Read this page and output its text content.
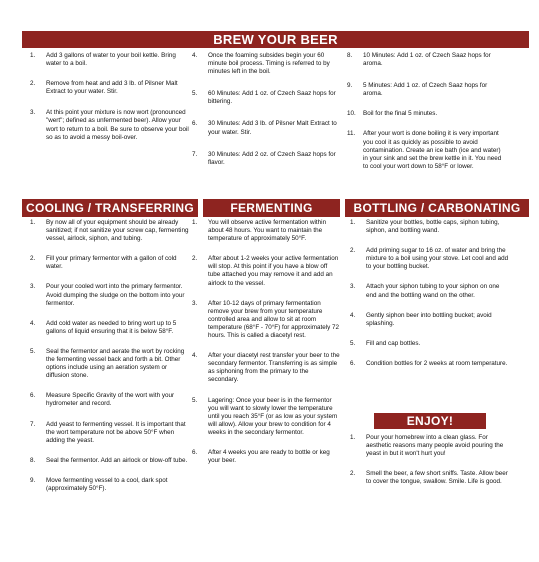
BREW YOUR BEER
COOLING / TRANSFERRING	FERMENTING	BOTTLING / CARBONATING
ENJOY!
1.	Add 3 gallons of water to your boil kettle. Bring water to a boil.
2.	Remove from heat and add 3 lb. of Pilsner Malt Extract to your water. Stir.
3.	At this point your mixture is now wort (pronounced "wert"; defined as unfermented beer). Allow your wort to return to a boil. Be sure to observe your boil so as to avoid a messy boil-over.
4.	Once the foaming subsides begin your 60 minute boil process. Timing is referred to by minutes left in the boil.
5.	60 Minutes: Add 1 oz. of Czech Saaz hops for bittering.
6.	30 Minutes: Add 3 lb. of Pilsner Malt Extract to your water. Stir.
7.	30 Minutes: Add 2 oz. of Czech Saaz hops for flavor.
8.	10 Minutes: Add 1 oz. of Czech Saaz hops for aroma.
9.	5 Minutes: Add 1 oz. of Czech Saaz hops for aroma.
10.	Boil for the final 5 minutes.
11.	After your wort is done boiling it is very important you cool it as quickly as possible to avoid contamination. Create an ice bath (ice and water) in your sink and set the brew kettle in it. You need to cool your wort down to 58°F or lower.
1.	By now all of your equipment should be already sanitized; if not sanitize your screw cap, fermenting vessel, airlock, siphon, and tubing.
2.	Fill your primary fermentor with a gallon of cold water.
3.	Pour your cooled wort into the primary fermentor. Avoid dumping the sludge on the bottom into your fermentor.
4.	Add cold water as needed to bring wort up to 5 gallons of liquid ensuring that it is below 58°F.
5.	Seal the fermentor and aerate the wort by rocking the fermenting vessel back and forth a bit. Other options include using an aeration system or diffusion stone.
6.	Measure Specific Gravity of the wort with your hydrometer and record.
7.	Add yeast to fermenting vessel. It is important that the wort temperature not be above 50°F when adding the yeast.
8.	Seal the fermentor. Add an airlock or blow-off tube.
9.	Move fermenting vessel to a cool, dark spot (approximately 50°F).
1.	You will observe active fermentation within about 48 hours. You want to maintain the temperature of approximately 50°F.
2.	After about 1-2 weeks your active fermentation will stop. At this point if you have a blow off tube attached you may remove it and add an airlock to the vessel.
3.	After 10-12 days of primary fermentation remove your brew from your temperature controlled area and allow to sit at room temperature (68°F - 70°F) for approximately 72 hours. This is called a diacetyl rest.
4.	After your diacetyl rest transfer your beer to the secondary fermentor. Transferring is as simple as siphoning from the primary to the secondary.
5.	Lagering: Once your beer is in the fermentor you will want to slowly lower the temperature until you reach 35°F (or as low as your system will allow). Allow your brew to condition for 4 weeks in the secondary fermentor.
6.	After 4 weeks you are ready to bottle or keg your beer.
1.	Sanitize your bottles, bottle caps, siphon tubing, siphon, and bottling wand.
2.	Add priming sugar to 16 oz. of water and bring the mixture to a boil using your stove. Let cool and add to your bottling bucket.
3.	Attach your siphon tubing to your siphon on one end and the bottling wand on the other.
4.	Gently siphon beer into bottling bucket; avoid splashing.
5.	Fill and cap bottles.
6.	Condition bottles for 2 weeks at room temperature.
1.	Pour your homebrew into a clean glass. For aesthetic reasons many people avoid pouring the yeast in but it won't hurt you!
2.	Smell the beer, a few short sniffs. Taste. Allow beer to cover the tongue, swallow. Smile. Life is good.
